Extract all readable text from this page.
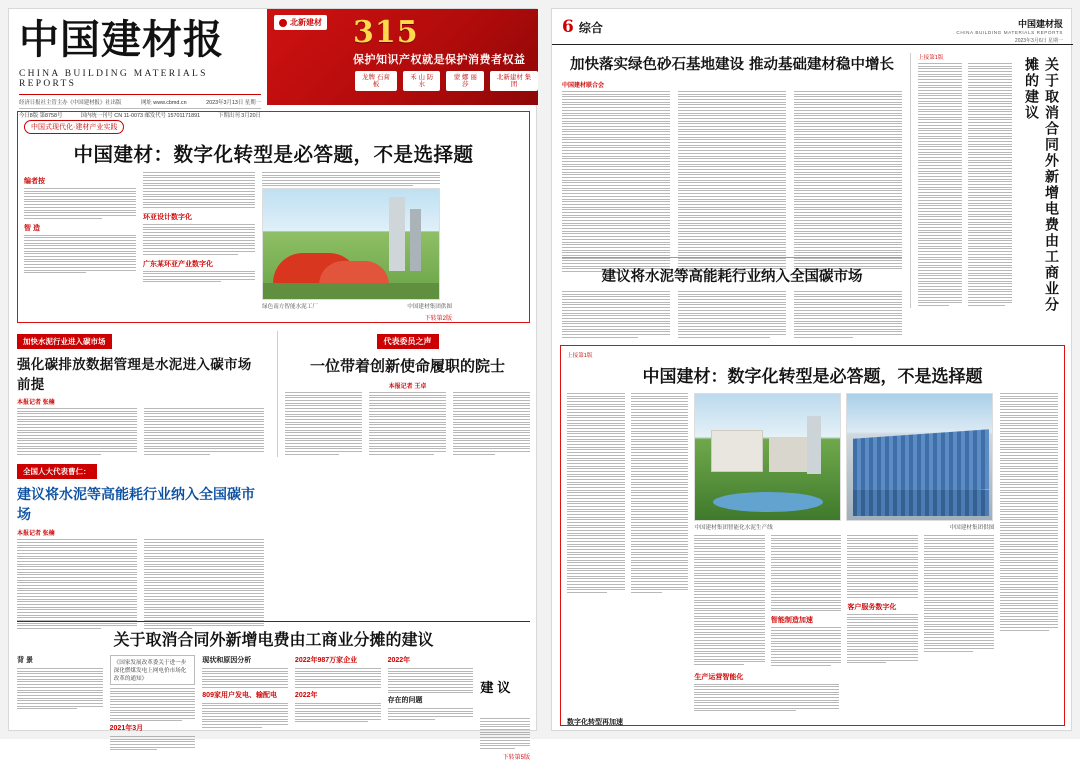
中国建材报
CHINA BUILDING MATERIALS REPORTS
经济日报社主管主办《中国建材报》社出版	网址 www.cbmd.cn	2023年3月13日 星期一
今日8版 第8758号	国内统一刊号 CN 11-0073 邮发代号 15701171891	下期出刊 3月20日
北新建材 315
保护知识产权就是保护消费者权益
龙牌 石膏板
禾 山 防水
蒙 娜 丽莎
北新建材 集团
中国式现代化·建材产业实践
中国建材：数字化转型是必答题，不是选择题
编者按
智 造
环亚设计数字化
广东某环亚产业数字化
绿色南方智能水泥工厂	中国建材集团供图
下转第2版
加快水泥行业进入碳市场
强化碳排放数据管理是水泥进入碳市场前提
本报记者 张楠
全国人大代表曹仁：
建议将水泥等高能耗行业纳入全国碳市场
本报记者 张楠
代表委员之声
一位带着创新使命履职的院士
本报记者 王卓
关于取消合同外新增电费由工商业分摊的建议
背 景	《国家发展改革委关于进一步深化燃煤发电上网电价市场化改革的通知》
2021年3月
现状和原因分析
809家用户发电、输配电
2022年987万家企业
2022年
2022年
存在的问题
建 议
下转第5版
6 综合	中国建材报
CHINA BUILDING MATERIALS REPORTS
2023年3月6日 星期一
加快落实绿色砂石基地建设 推动基础建材稳中增长
中国建材联合会
建议将水泥等高能耗行业纳入全国碳市场
上接第1版	关于取消合同外新增电费由工商业分摊的建议
上接第1版
中国建材：数字化转型是必答题，不是选择题
中国建材集团智能化水泥生产线	中国建材集团供图
智能制造加速
客户服务数字化
生产运营智能化
数字化转型再加速
